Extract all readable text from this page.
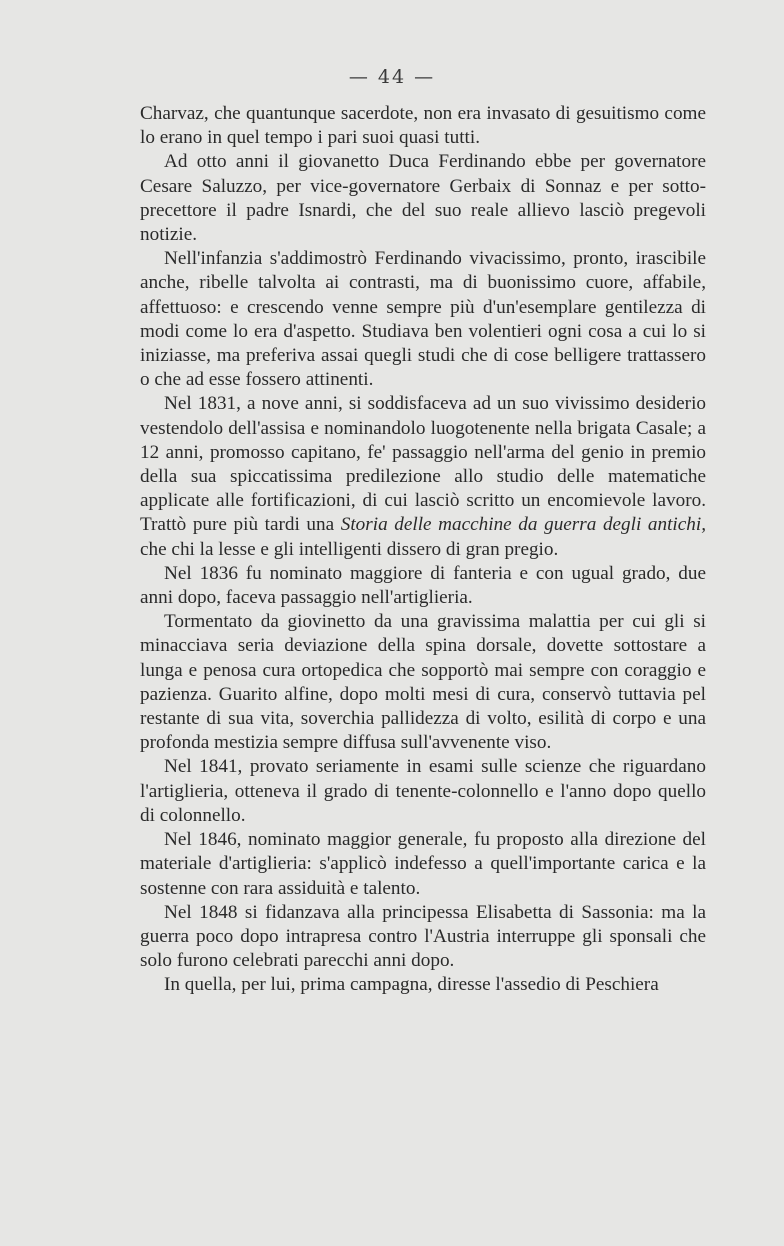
— 44 —

Charvaz, che quantunque sacerdote, non era invasato di gesuitismo come lo erano in quel tempo i pari suoi quasi tutti.

Ad otto anni il giovanetto Duca Ferdinando ebbe per governatore Cesare Saluzzo, per vice-governatore Gerbaix di Sonnaz e per sotto-precettore il padre Isnardi, che del suo reale allievo lasciò pregevoli notizie.

Nell'infanzia s'addimostrò Ferdinando vivacissimo, pronto, irascibile anche, ribelle talvolta ai contrasti, ma di buonissimo cuore, affabile, affettuoso: e crescendo venne sempre più d'un'esemplare gentilezza di modi come lo era d'aspetto. Studiava ben volentieri ogni cosa a cui lo si iniziasse, ma preferiva assai quegli studi che di cose belligere trattassero o che ad esse fossero attinenti.

Nel 1831, a nove anni, si soddisfaceva ad un suo vivissimo desiderio vestendolo dell'assisa e nominandolo luogotenente nella brigata Casale; a 12 anni, promosso capitano, fe' passaggio nell'arma del genio in premio della sua spiccatissima predilezione allo studio delle matematiche applicate alle fortificazioni, di cui lasciò scritto un encomievole lavoro. Trattò pure più tardi una Storia delle macchine da guerra degli antichi, che chi la lesse e gli intelligenti dissero di gran pregio.

Nel 1836 fu nominato maggiore di fanteria e con ugual grado, due anni dopo, faceva passaggio nell'artiglieria.

Tormentato da giovinetto da una gravissima malattia per cui gli si minacciava seria deviazione della spina dorsale, dovette sottostare a lunga e penosa cura ortopedica che sopportò mai sempre con coraggio e pazienza. Guarito alfine, dopo molti mesi di cura, conservò tuttavia pel restante di sua vita, soverchia pallidezza di volto, esilità di corpo e una profonda mestizia sempre diffusa sull'avvenente viso.

Nel 1841, provato seriamente in esami sulle scienze che riguardano l'artiglieria, otteneva il grado di tenente-colonnello e l'anno dopo quello di colonnello.

Nel 1846, nominato maggior generale, fu proposto alla direzione del materiale d'artiglieria: s'applicò indefesso a quell'importante carica e la sostenne con rara assiduità e talento.

Nel 1848 si fidanzava alla principessa Elisabetta di Sassonia: ma la guerra poco dopo intrapresa contro l'Austria interruppe gli sponsali che solo furono celebrati parecchi anni dopo.

In quella, per lui, prima campagna, diresse l'assedio di Peschiera
